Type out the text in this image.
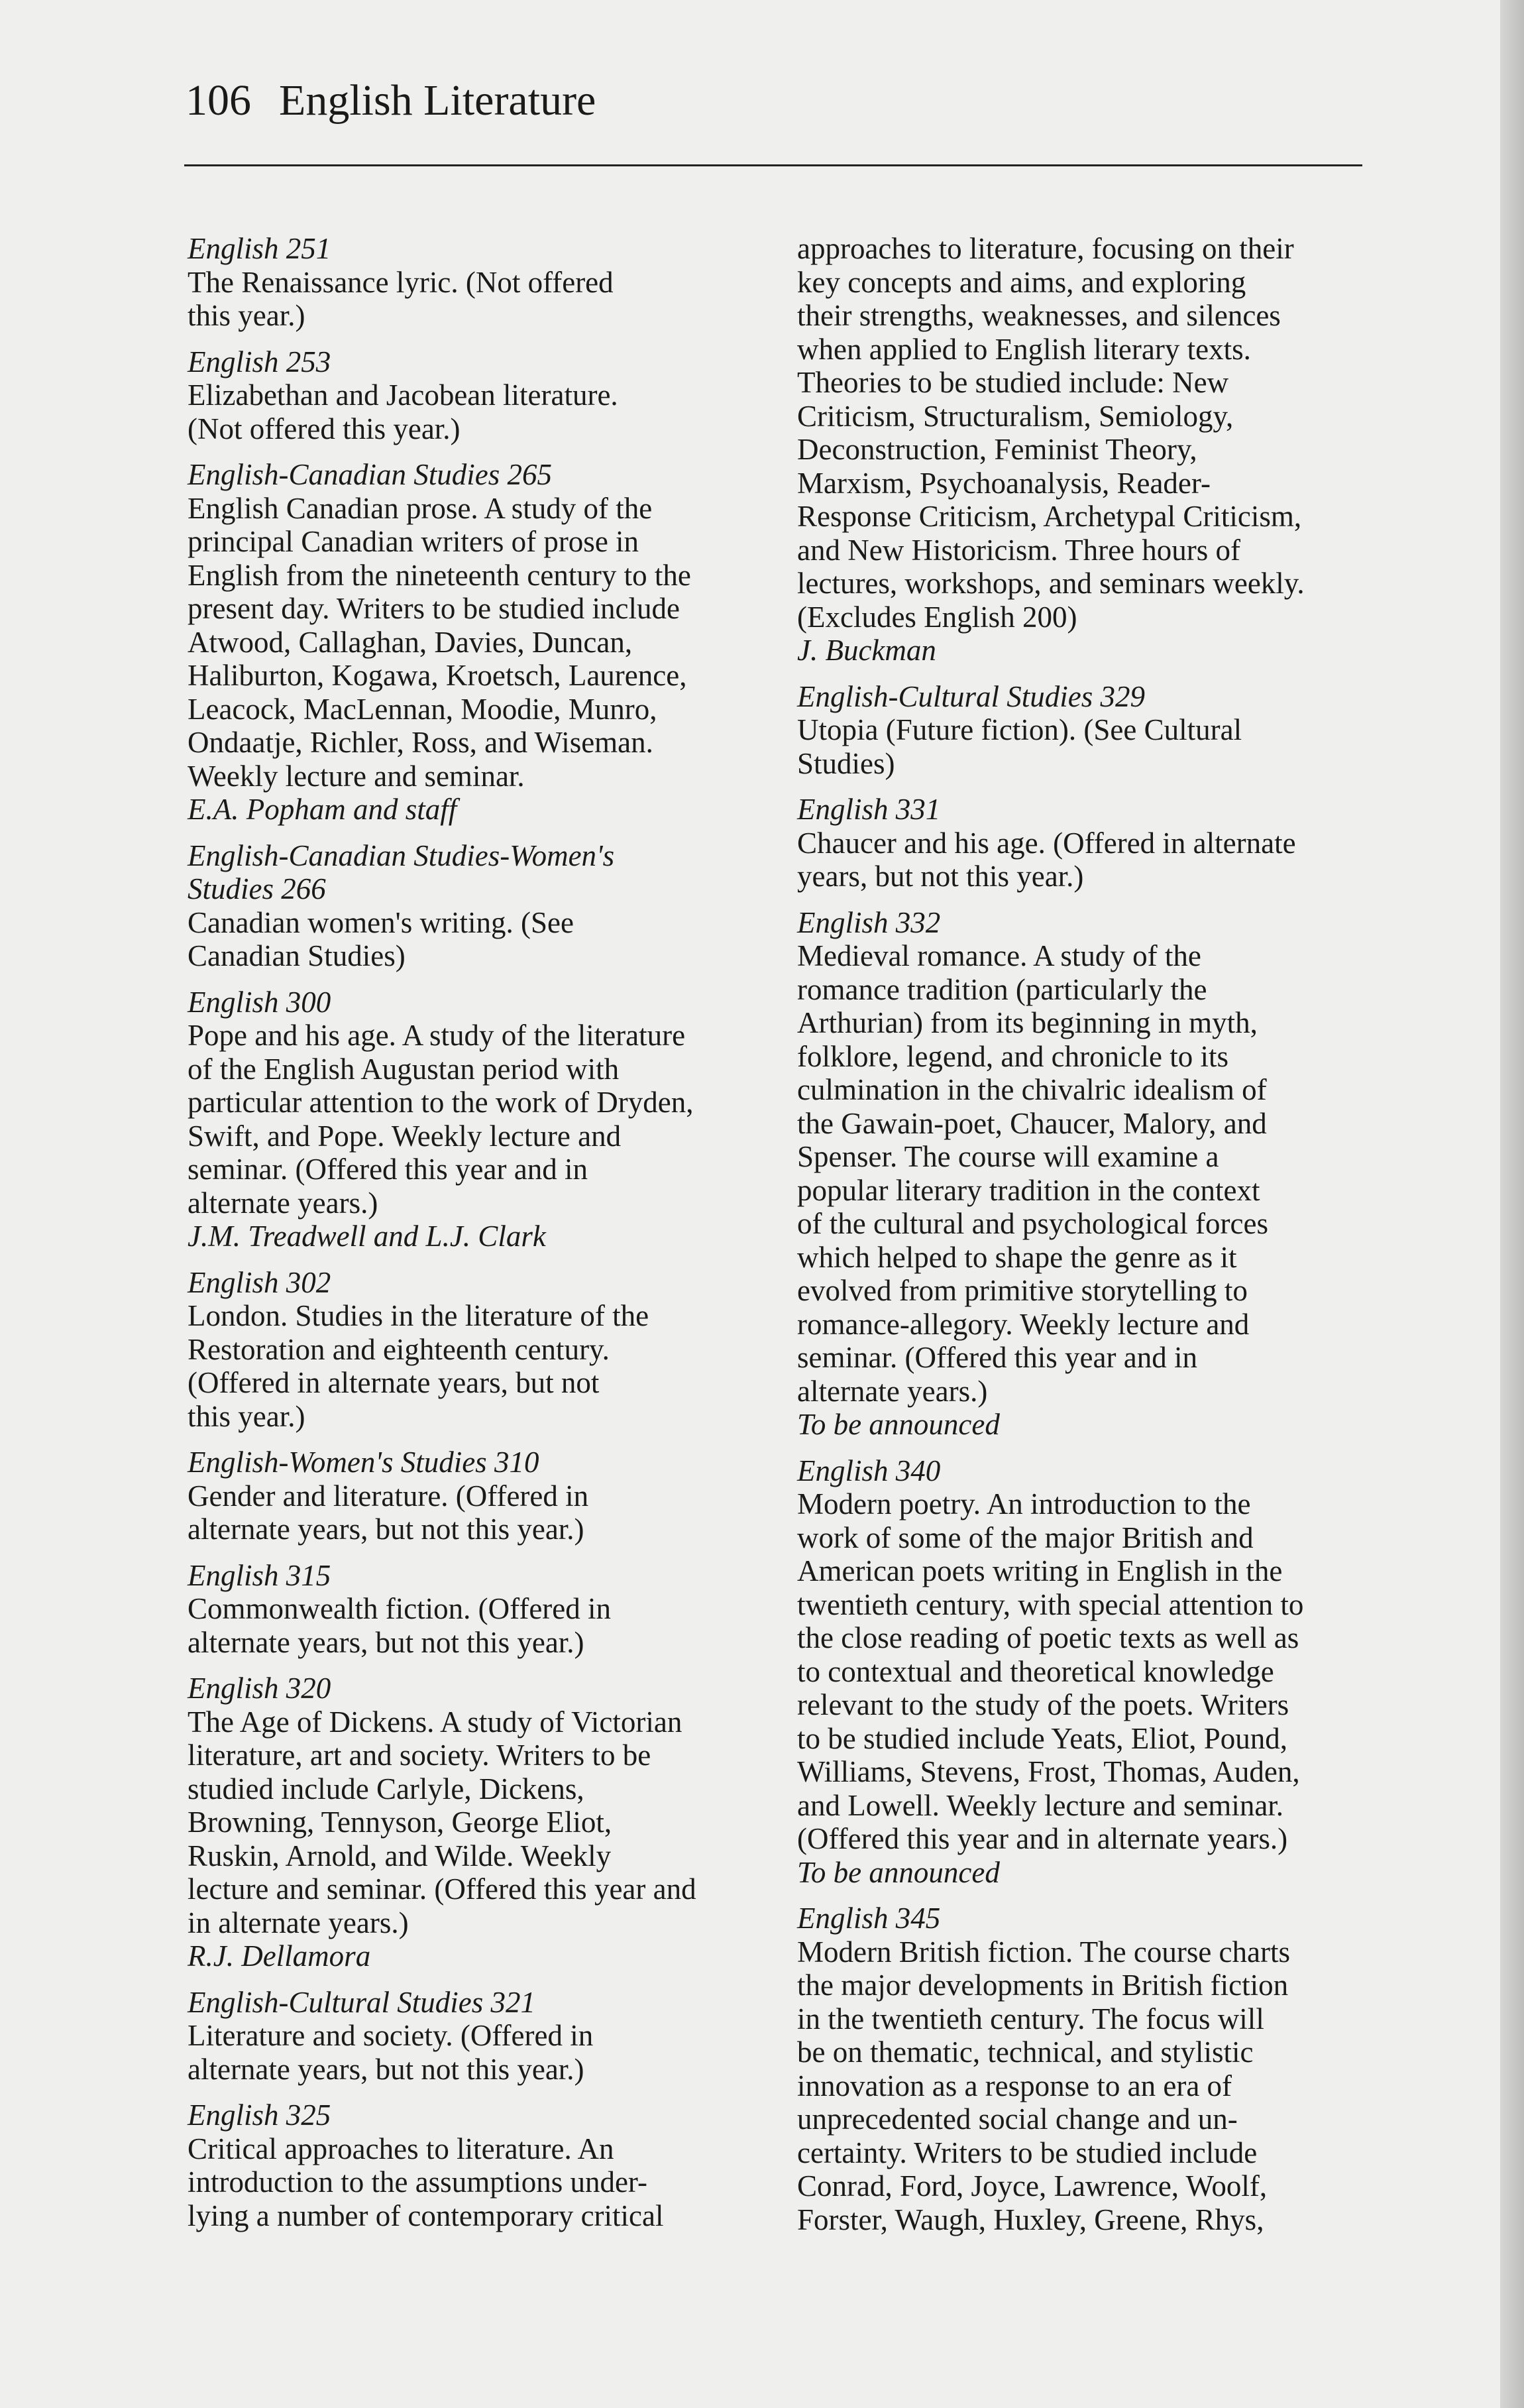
106 English Literature
English 251
The Renaissance lyric. (Not offered
this year.)
English 253
Elizabethan and Jacobean literature.
(Not offered this year.)
English-Canadian Studies 265
English Canadian prose. A study of the
principal Canadian writers of prose in
English from the nineteenth century to the
present day. Writers to be studied include
Atwood, Callaghan, Davies, Duncan,
Haliburton, Kogawa, Kroetsch, Laurence,
Leacock, MacLennan, Moodie, Munro,
Ondaatje, Richler, Ross, and Wiseman.
Weekly lecture and seminar.
E.A. Popham and staff
English-Canadian Studies-Women's
Studies 266
Canadian women's writing. (See
Canadian Studies)
English 300
Pope and his age. A study of the literature
of the English Augustan period with
particular attention to the work of Dryden,
Swift, and Pope. Weekly lecture and
seminar. (Offered this year and in
alternate years.)
J.M. Treadwell and L.J. Clark
English 302
London. Studies in the literature of the
Restoration and eighteenth century.
(Offered in alternate years, but not
this year.)
English-Women's Studies 310
Gender and literature. (Offered in
alternate years, but not this year.)
English 315
Commonwealth fiction. (Offered in
alternate years, but not this year.)
English 320
The Age of Dickens. A study of Victorian
literature, art and society. Writers to be
studied include Carlyle, Dickens,
Browning, Tennyson, George Eliot,
Ruskin, Arnold, and Wilde. Weekly
lecture and seminar. (Offered this year and
in alternate years.)
R.J. Dellamora
English-Cultural Studies 321
Literature and society. (Offered in
alternate years, but not this year.)
English 325
Critical approaches to literature. An
introduction to the assumptions under-
lying a number of contemporary critical
approaches to literature, focusing on their
key concepts and aims, and exploring
their strengths, weaknesses, and silences
when applied to English literary texts.
Theories to be studied include: New
Criticism, Structuralism, Semiology,
Deconstruction, Feminist Theory,
Marxism, Psychoanalysis, Reader-
Response Criticism, Archetypal Criticism,
and New Historicism. Three hours of
lectures, workshops, and seminars weekly.
(Excludes English 200)
J. Buckman
English-Cultural Studies 329
Utopia (Future fiction). (See Cultural
Studies)
English 331
Chaucer and his age. (Offered in alternate
years, but not this year.)
English 332
Medieval romance. A study of the
romance tradition (particularly the
Arthurian) from its beginning in myth,
folklore, legend, and chronicle to its
culmination in the chivalric idealism of
the Gawain-poet, Chaucer, Malory, and
Spenser. The course will examine a
popular literary tradition in the context
of the cultural and psychological forces
which helped to shape the genre as it
evolved from primitive storytelling to
romance-allegory. Weekly lecture and
seminar. (Offered this year and in
alternate years.)
To be announced
English 340
Modern poetry. An introduction to the
work of some of the major British and
American poets writing in English in the
twentieth century, with special attention to
the close reading of poetic texts as well as
to contextual and theoretical knowledge
relevant to the study of the poets. Writers
to be studied include Yeats, Eliot, Pound,
Williams, Stevens, Frost, Thomas, Auden,
and Lowell. Weekly lecture and seminar.
(Offered this year and in alternate years.)
To be announced
English 345
Modern British fiction. The course charts
the major developments in British fiction
in the twentieth century. The focus will
be on thematic, technical, and stylistic
innovation as a response to an era of
unprecedented social change and un-
certainty. Writers to be studied include
Conrad, Ford, Joyce, Lawrence, Woolf,
Forster, Waugh, Huxley, Greene, Rhys,
